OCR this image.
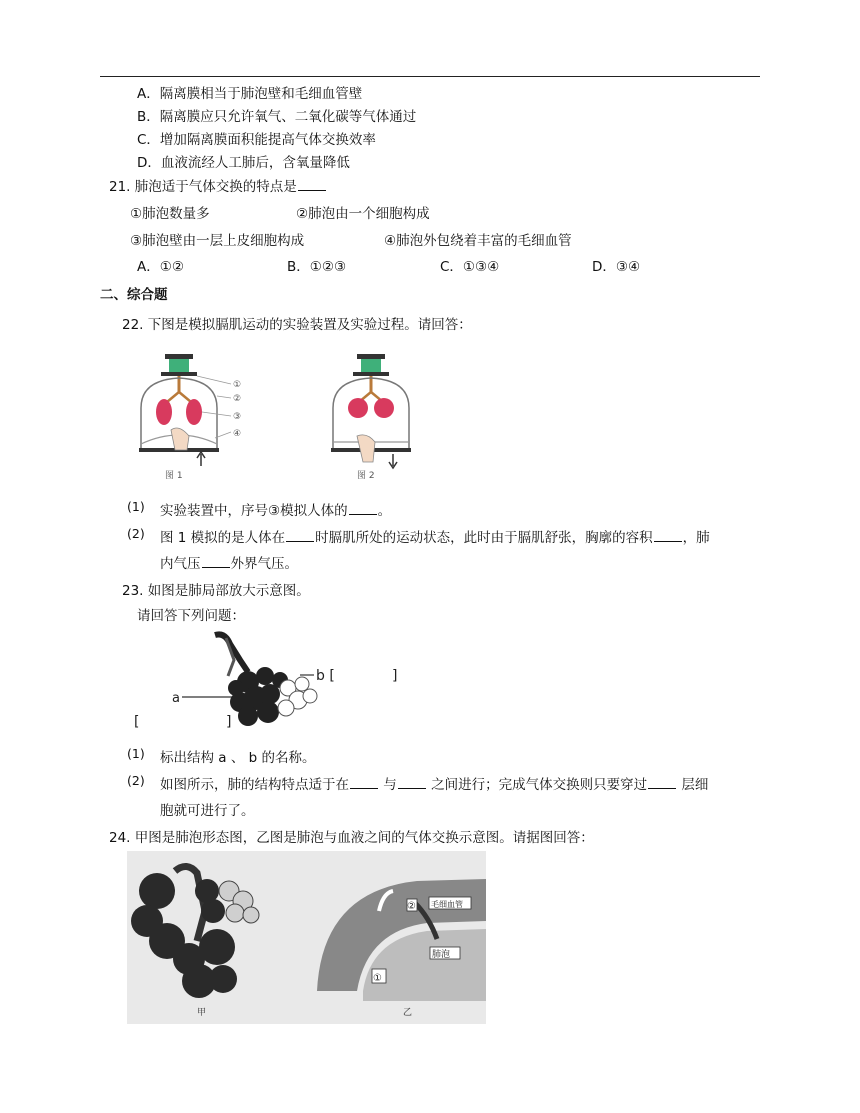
A．隔离膜相当于肺泡壁和毛细血管壁
B．隔离膜应只允许氧气、二氧化碳等气体通过
C．增加隔离膜面积能提高气体交换效率
D．血液流经人工肺后，含氧量降低
21. 肺泡适于气体交换的特点是
①肺泡数量多	②肺泡由一个细胞构成
③肺泡壁由一层上皮细胞构成	④肺泡外包绕着丰富的毛细血管
A．①②	B．①②③	C．①③④	D．③④
二、综合题
22. 下图是模拟膈肌运动的实验装置及实验过程。请回答：
①
②
③
④
图 1	图 2
(1) 实验装置中，序号③模拟人体的 。
(2) 图 1 模拟的是人体在 时膈肌所处的运动状态，此时由于膈肌舒张，胸廓的容积 ，肺
内气压 外界气压。
23. 如图是肺局部放大示意图。
请回答下列问题：
a
b [	]
[	]
(1) 标出结构 a 、 b 的名称。
(2) 如图所示，肺的结构特点适于在 与 之间进行；完成气体交换则只要穿过 层细
胞就可进行了。
24. 甲图是肺泡形态图，乙图是肺泡与血液之间的气体交换示意图。请据图回答：
甲
② 毛细血管
①
肺泡
乙
